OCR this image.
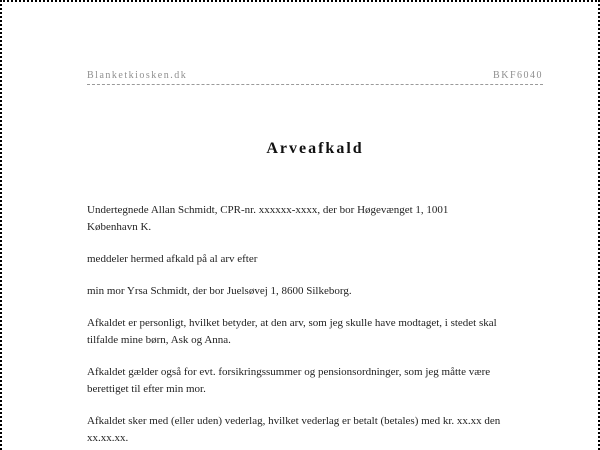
Blanketkiosken.dk	BKF6040
Arveafkald

Undertegnede Allan Schmidt, CPR-nr. xxxxxx-xxxx, der bor Høgevænget 1, 1001
København K.

meddeler hermed afkald på al arv efter

min mor Yrsa Schmidt, der bor Juelsøvej 1, 8600 Silkeborg.

Afkaldet er personligt, hvilket betyder, at den arv, som jeg skulle have modtaget, i stedet skal
tilfalde mine børn, Ask og Anna.

Afkaldet gælder også for evt. forsikringssummer og pensionsordninger, som jeg måtte være
berettiget til efter min mor.

Afkaldet sker med (eller uden) vederlag, hvilket vederlag er betalt (betales) med kr. xx.xx den
xx.xx.xx.
